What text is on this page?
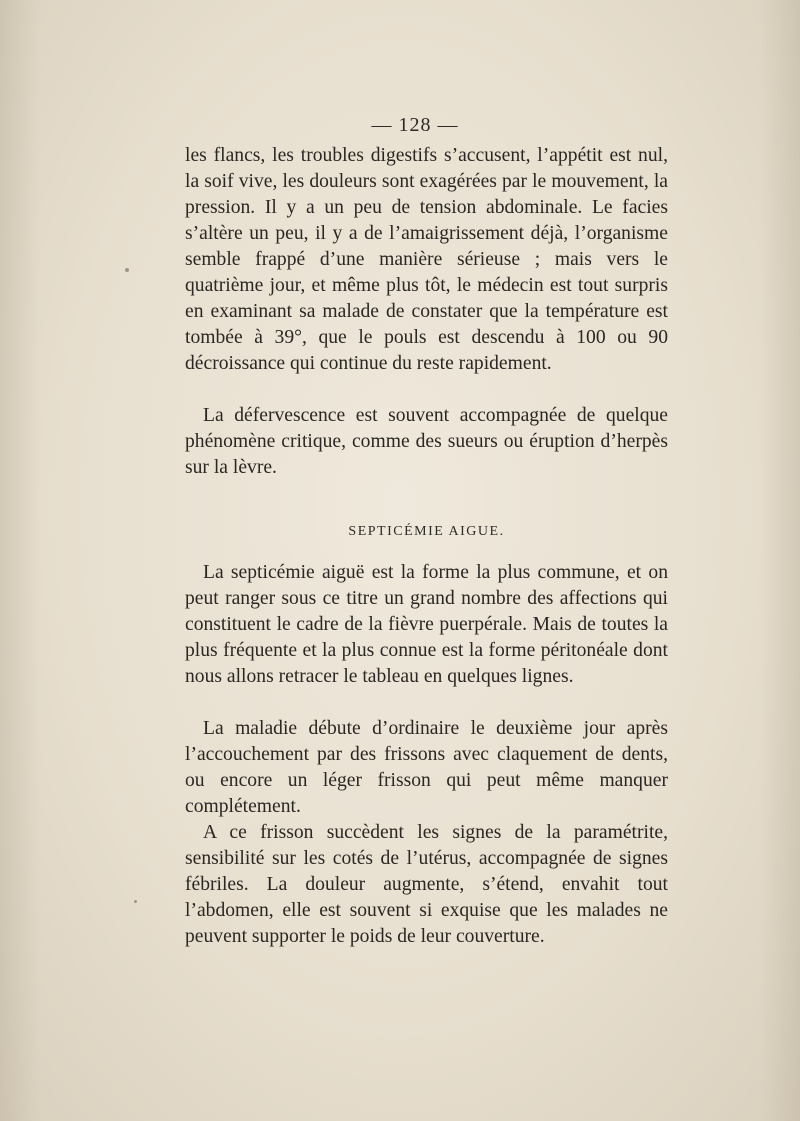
— 128 —
les flancs, les troubles digestifs s’accusent, l’appétit est nul, la soif vive, les douleurs sont exagérées par le mouvement, la pression. Il y a un peu de tension abdominale. Le facies s’altère un peu, il y a de l’amaigrissement déjà, l’organisme semble frappé d’une manière sérieuse ; mais vers le quatrième jour, et même plus tôt, le médecin est tout surpris en examinant sa malade de constater que la température est tombée à 39°, que le pouls est descendu à 100 ou 90 décroissance qui continue du reste rapidement.
La défervescence est souvent accompagnée de quelque phénomène critique, comme des sueurs ou éruption d’herpès sur la lèvre.
SEPTICÉMIE AIGUE.
La septicémie aiguë est la forme la plus commune, et on peut ranger sous ce titre un grand nombre des affections qui constituent le cadre de la fièvre puerpérale. Mais de toutes la plus fréquente et la plus connue est la forme péritonéale dont nous allons retracer le tableau en quelques lignes.
La maladie débute d’ordinaire le deuxième jour après l’accouchement par des frissons avec claquement de dents, ou encore un léger frisson qui peut même manquer complétement.
A ce frisson succèdent les signes de la paramétrite, sensibilité sur les cotés de l’utérus, accompagnée de signes fébriles. La douleur augmente, s’étend, envahit tout l’abdomen, elle est souvent si exquise que les malades ne peuvent supporter le poids de leur couverture.
